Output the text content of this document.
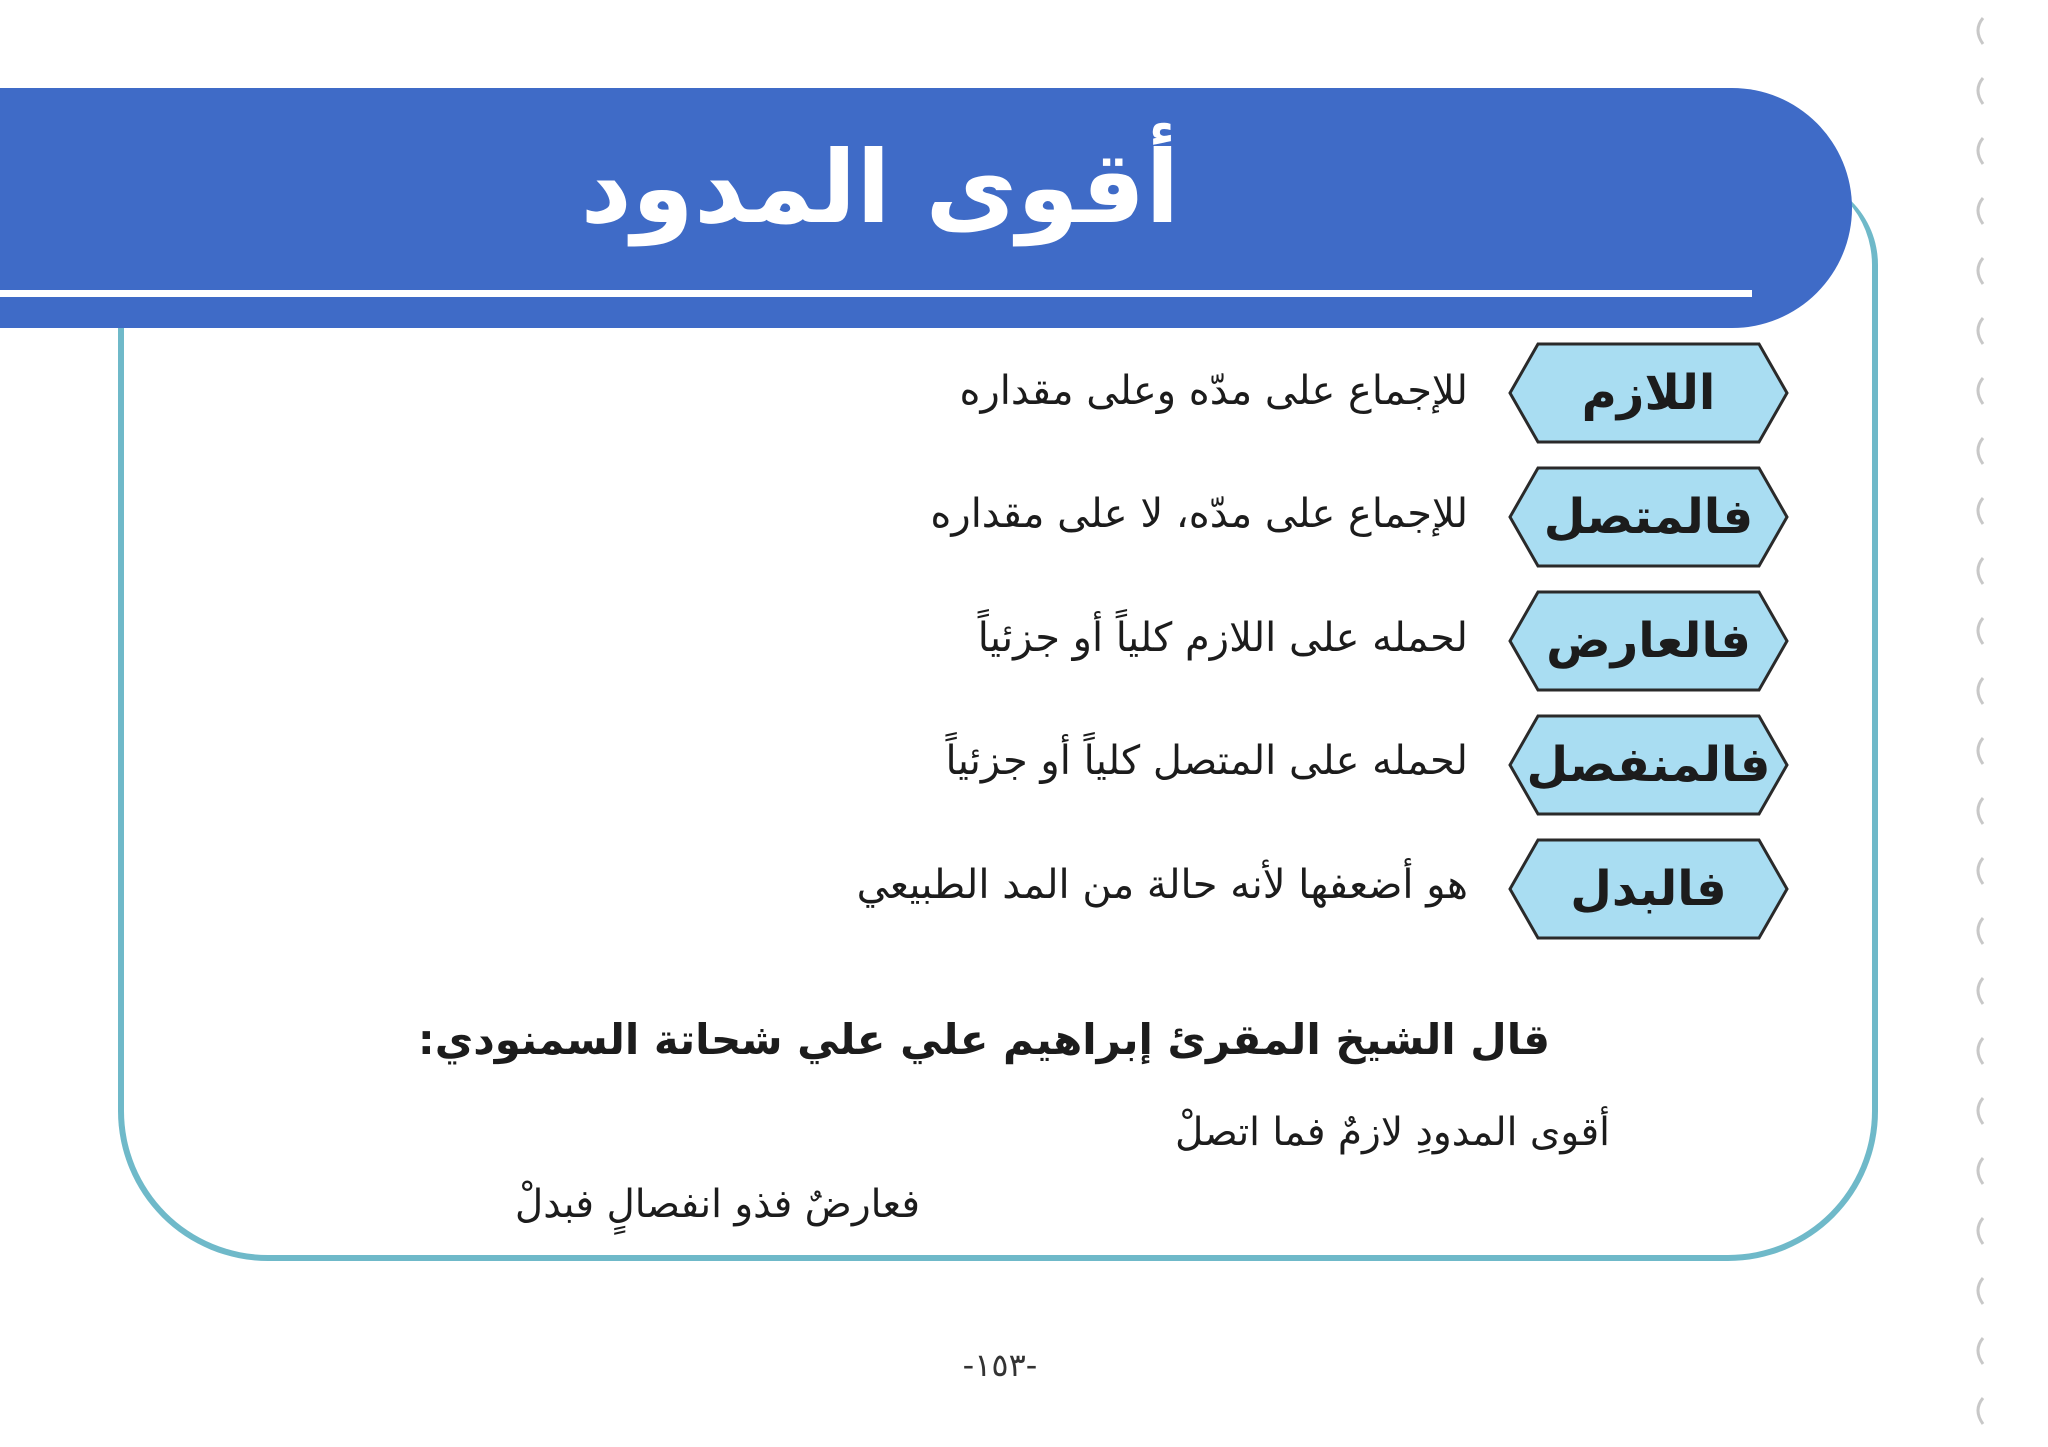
أقوى المدود
اللازم
للإجماع على مدّه وعلى مقداره
فالمتصل
للإجماع على مدّه، لا على مقداره
فالعارض
لحمله على اللازم كلياً أو جزئياً
فالمنفصل
لحمله على المتصل كلياً أو جزئياً
فالبدل
هو أضعفها لأنه حالة من المد الطبيعي
قال الشيخ المقرئ إبراهيم علي علي شحاتة السمنودي:
أقوى المدودِ لازمٌ فما اتصلْ
فعارضٌ فذو انفصالٍ فبدلْ
-١٥٣-
